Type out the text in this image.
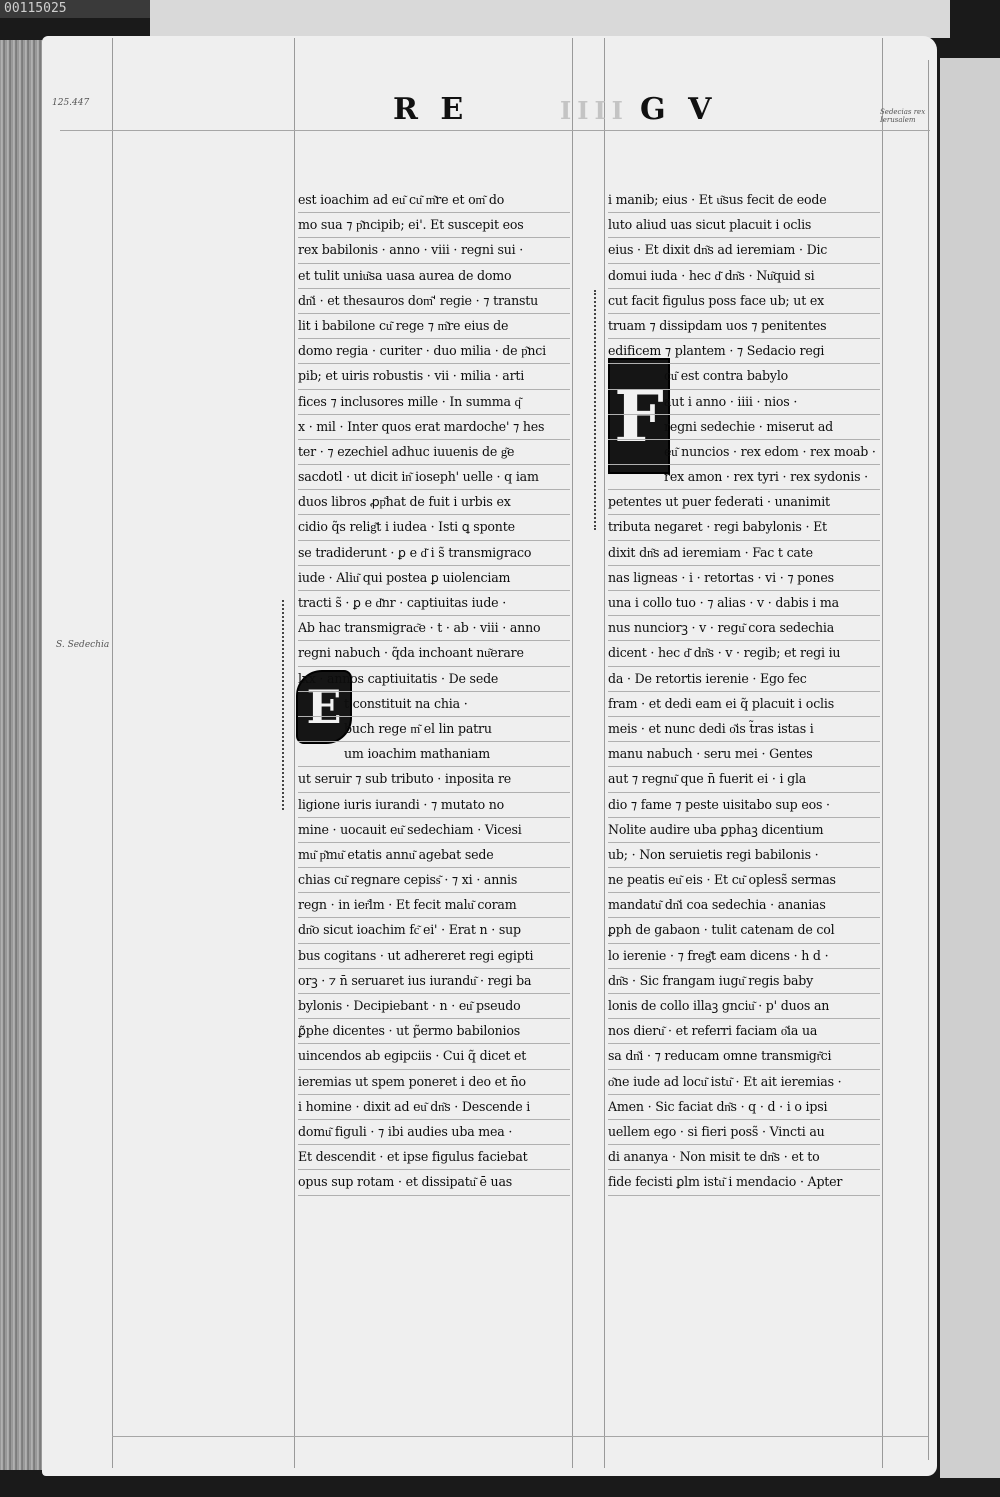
00115025
R E	IIII G V
125.447
Sedecias rex Ierusalem
S. Sedechia
E
F
est ioachim ad eu͂ cu͂ m͂re et om͂ do
mo sua ⁊ p͂ncipib; ei'. Et suscepit eos
rex babilonis · anno · viii · regni sui ·
et tulit uniu͂sa uasa aurea de domo
dn͂i · et thesauros dom͂' regie · ⁊ transtu
lit i babilone cu͂ rege ⁊ m͂re eius de
domo regia · curiter · duo milia · de p͂nci
pib; et uiris robustis · vii · milia · arti
fices ⁊ inclusores mille · In summa q͂
x · mil · Inter quos erat mardoche' ⁊ hes
ter · ⁊ ezechiel adhuc iuuenis de g͂e
sacdotl · ut dicit in͂ ioseph' uelle · q iam
duos libros ꝓp͂hat de fuit i urbis ex
cidio q̃s relig͂t i iudea · Isti ꝗ sponte
se tradiderunt · ꝑ e d͂ i s̃ transmigraco
iude · Aliu͂ qui postea ꝑ uiolenciam
tracti s̃ · ꝑ e d͂nr · captiuitas iude ·
Ab hac transmigrac͂e · t · ab · viii · anno
regni nabuch · q̃da inchoant nu͂erare
lxx · annos captiuitatis · De sede
t constituit na chia ·
buch rege m͂ el lin patru
um ioachim mathaniam
ut seruir ⁊ sub tributo · inposita re
ligione iuris iurandi · ⁊ mutato no
mine · uocauit eu͂ sedechiam · Vicesi
mu͂ p͂mu͂ etatis annu͂ agebat sede
chias cu͂ regnare cepiss͂ · ⁊ xi · annis
regn · in ier͂lm · Et fecit malu͂ coram
dn͂o sicut ioachim fc͂ ei' · Erat n · sup
bus cogitans · ut adhereret regi egipti
orꝫ · ⁊ n̄ seruaret ius iurandu͂ · regi ba
bylonis · Decipiebant · n · eu͂ pseudo
ꝑ͂phe dicentes · ut p̃ermo babilonios
uincendos ab egipciis · Cui q̃ dicet et
ieremias ut spem poneret i deo et n̄o
i homine · dixit ad eu͂ dn͂s · Descende i
domu͂ figuli · ⁊ ibi audies uba mea ·
Et descendit · et ipse figulus faciebat
opus sup rotam · et dissipatu͂ ē uas
i manib; eius · Et u͂sus fecit de eode
luto aliud uas sicut placuit i oclis
eius · Et dixit dn͂s ad ieremiam · Dic
domui iuda · hec d͂ dn͂s · Nu͂quid si
cut facit figulus poss face ub; ut ex
truam ⁊ dissipdam uos ⁊ penitentes
edificem ⁊ plantem · ⁊ Sedacio regi
cu͂ est contra babylo
aut i anno · iiii · nios ·
regni sedechie · miserut ad
eu͂ nuncios · rex edom · rex moab ·
rex amon · rex tyri · rex sydonis ·
petentes ut puer federati · unanimit
tributa negaret · regi babylonis · Et
dixit dn͂s ad ieremiam · Fac t cate
nas ligneas · i · retortas · vi · ⁊ pones
una i collo tuo · ⁊ alias · v · dabis i ma
nus nunciorꝫ · v · regu͂ cora sedechia
dicent · hec d͂ dn͂s · v · regib; et regi iu
da · De retortis ierenie · Ego fec
fram · et dedi eam ei q̃ placuit i oclis
meis · et nunc dedi o͂is t̃ras istas i
manu nabuch · seru mei · Gentes
aut ⁊ regnu͂ que n̄ fuerit ei · i gla
dio ⁊ fame ⁊ peste uisitabo sup eos ·
Nolite audire uba ꝑphaꝫ dicentium
ub; · Non seruietis regi babilonis ·
ne peatis eu͂ eis · Et cu͂ opless̃ sermas
mandatu͂ dn͂i coa sedechia · ananias
ꝑph de gabaon · tulit catenam de col
lo ierenie · ⁊ freg͂t eam dicens · h d ·
dn͂s · Sic frangam iugu͂ regis baby
lonis de collo illaꝫ gnciu͂ · p' duos an
nos dieru͂ · et referri faciam o͂ia ua
sa dn͂i · ⁊ reducam omne transmigr͂ci
o͂ne iude ad locu͂ istu͂ · Et ait ieremias ·
Amen · Sic faciat dn͂s · q · d · i o ipsi
uellem ego · si fieri poss̃ · Vincti au
di ananya · Non misit te dn͂s · et to
fide fecisti ꝑlm istu͂ i mendacio · Apter
